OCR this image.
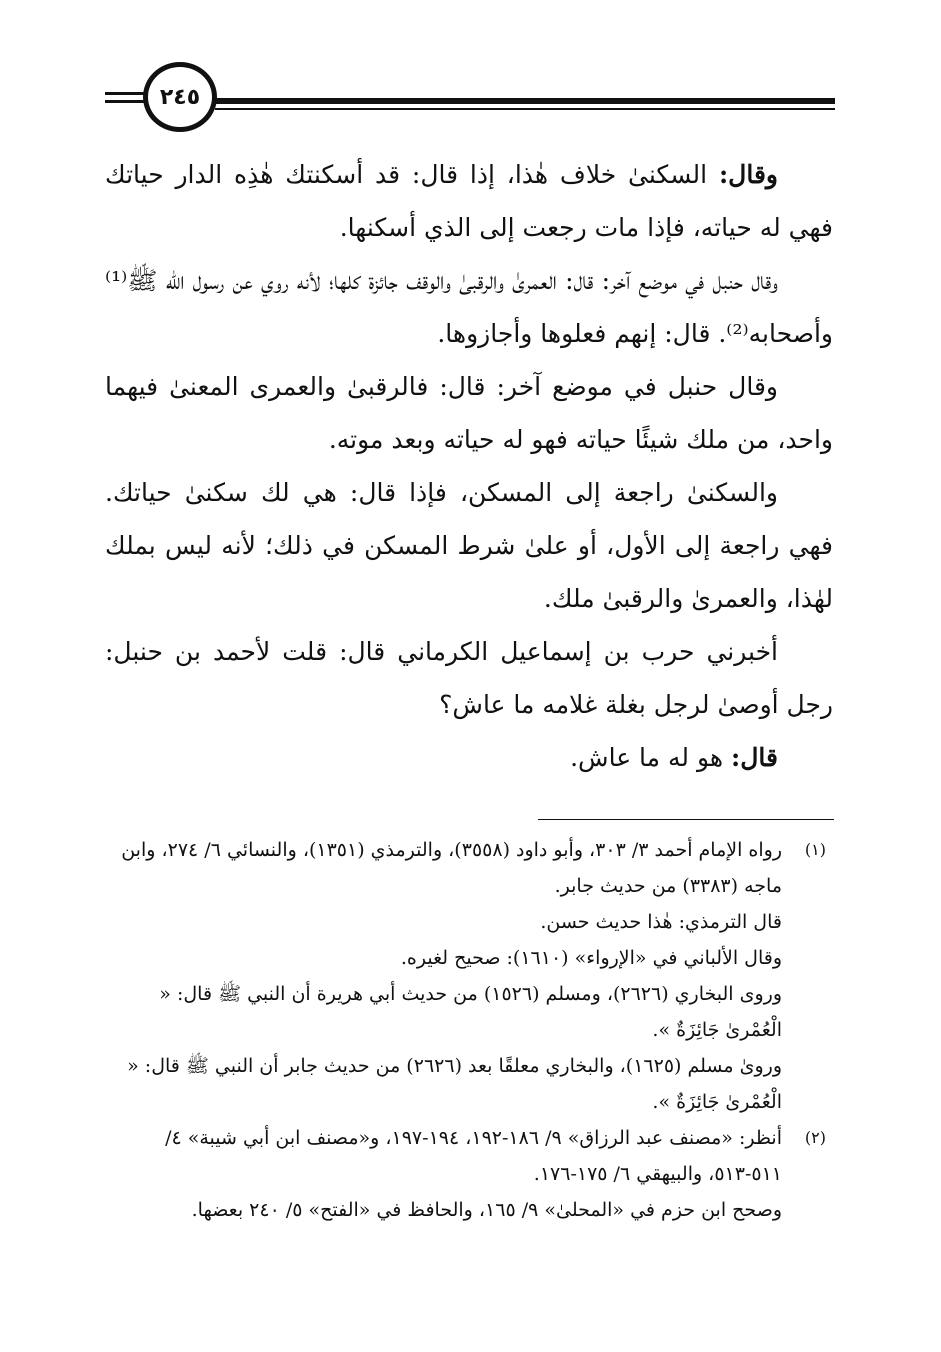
٢٤٥

وقال: السكنىٰ خلاف هٰذا، إذا قال: قد أسكنتك هٰذِه الدار حياتك فهي له حياته، فإذا مات رجعت إلى الذي أسكنها.

وقال حنبل في موضع آخر: قال: العمرىٰ والرقبىٰ والوقف جائزة كلها؛ لأنه روي عن رسول الله ﷺ⁽¹⁾ وأصحابه⁽²⁾. قال: إنهم فعلوها وأجازوها.

وقال حنبل في موضع آخر: قال: فالرقبىٰ والعمرى المعنىٰ فيهما واحد، من ملك شيئًا حياته فهو له حياته وبعد موته.

والسكنىٰ راجعة إلى المسكن، فإذا قال: هي لك سكنىٰ حياتك. فهي راجعة إلى الأول، أو علىٰ شرط المسكن في ذلك؛ لأنه ليس بملك لهٰذا، والعمرىٰ والرقبىٰ ملك.

أخبرني حرب بن إسماعيل الكرماني قال: قلت لأحمد بن حنبل: رجل أوصىٰ لرجل بغلة غلامه ما عاش؟

قال: هو له ما عاش.

(١)
رواه الإمام أحمد ٣/ ٣٠٣، وأبو داود (٣٥٥٨)، والترمذي (١٣٥١)، والنسائي ٦/ ٢٧٤، وابن ماجه (٣٣٨٣) من حديث جابر.
قال الترمذي: هٰذا حديث حسن.
وقال الألباني في «الإرواء» (١٦١٠): صحيح لغيره.
وروى البخاري (٢٦٢٦)، ومسلم (١٥٢٦) من حديث أبي هريرة أن النبي ﷺ قال: « الْعُمْرىٰ جَائِزَةٌ ».
ورویٰ مسلم (١٦٢٥)، والبخاري معلقًا بعد (٢٦٢٦) من حديث جابر أن النبي ﷺ قال: « الْعُمْرىٰ جَائِزَةٌ ».
(٢)
أنظر: «مصنف عبد الرزاق» ٩/ ١٨٦-١٩٢، ١٩٤-١٩٧، و«مصنف ابن أبي شيبة» ٤/ ٥١١-٥١٣، والبيهقي ٦/ ١٧٥-١٧٦.
وصحح ابن حزم في «المحلىٰ» ٩/ ١٦٥، والحافظ في «الفتح» ٥/ ٢٤٠ بعضها.
